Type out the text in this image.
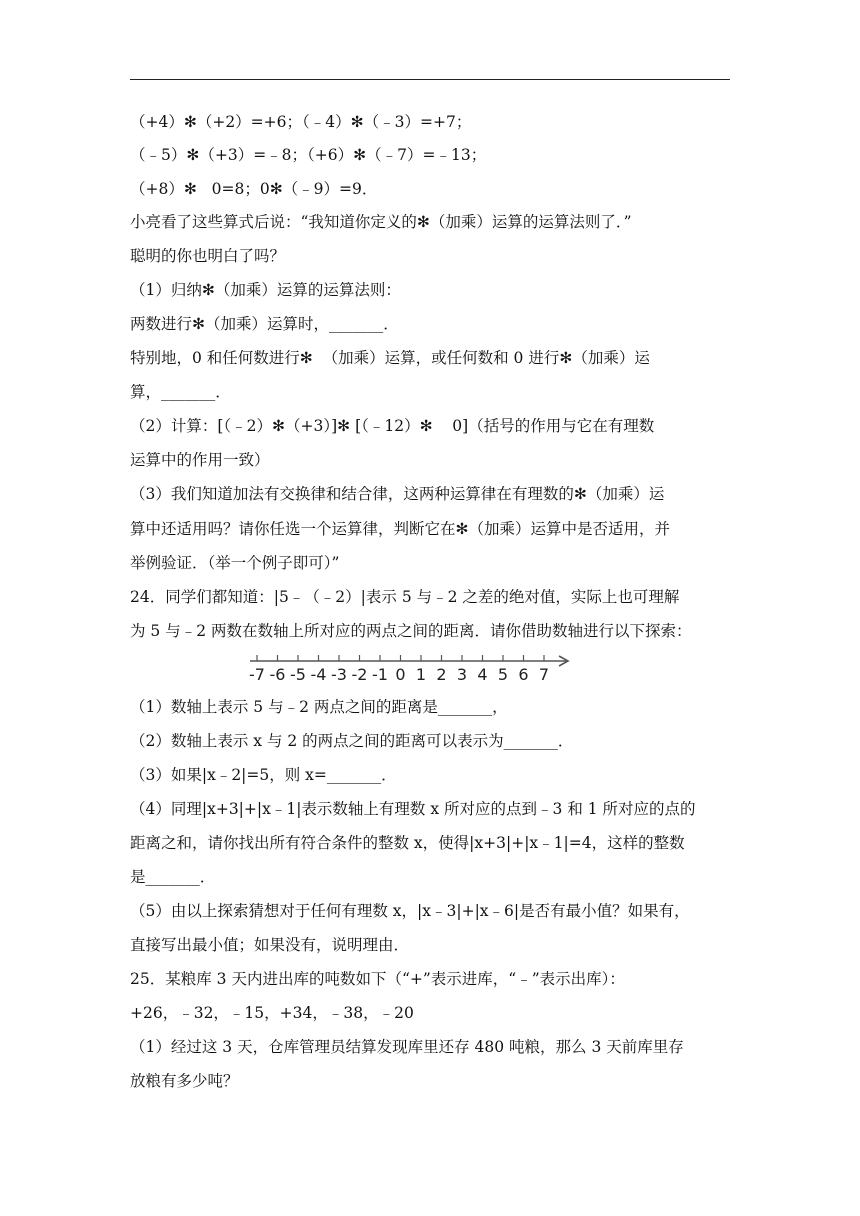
（+4）✻（+2）=+6；（﹣4）✻（﹣3）=+7；
（﹣5）✻（+3）=﹣8；（+6）✻（﹣7）=﹣13；
（+8）✻   0=8；0✻（﹣9）=9．
小亮看了这些算式后说：“我知道你定义的✻（加乘）运算的运算法则了．”
聪明的你也明白了吗？
（1）归纳✻（加乘）运算的运算法则：
两数进行✻（加乘）运算时，_______．
特别地，0 和任何数进行✻  （加乘）运算，或任何数和 0 进行✻（加乘）运
算，_______．
（2）计算：[（﹣2）✻（+3）]✻ [（﹣12）✻    0]（括号的作用与它在有理数
运算中的作用一致）
（3）我们知道加法有交换律和结合律，这两种运算律在有理数的✻（加乘）运
算中还适用吗？请你任选一个运算律，判断它在✻（加乘）运算中是否适用，并
举例验证．（举一个例子即可）”
24．同学们都知道：|5﹣（﹣2）|表示 5 与﹣2 之差的绝对值，实际上也可理解
为 5 与﹣2 两数在数轴上所对应的两点之间的距离．请你借助数轴进行以下探索：
（1）数轴上表示 5 与﹣2 两点之间的距离是_______，
（2）数轴上表示 x 与 2 的两点之间的距离可以表示为_______．
（3）如果|x﹣2|=5，则 x=_______．
（4）同理|x+3|+|x﹣1|表示数轴上有理数 x 所对应的点到﹣3 和 1 所对应的点的
距离之和，请你找出所有符合条件的整数 x，使得|x+3|+|x﹣1|=4，这样的整数
是_______．
（5）由以上探索猜想对于任何有理数 x，|x﹣3|+|x﹣6|是否有最小值？如果有，
直接写出最小值；如果没有，说明理由．
25．某粮库 3 天内进出库的吨数如下（“+”表示进库，“﹣”表示出库）：
+26，﹣32，﹣15，+34，﹣38，﹣20
（1）经过这 3 天，仓库管理员结算发现库里还存 480 吨粮，那么 3 天前库里存
放粮有多少吨？
-7 -6 -5 -4 -3 -2 -1 0 1 2 3 4 5 6 7
